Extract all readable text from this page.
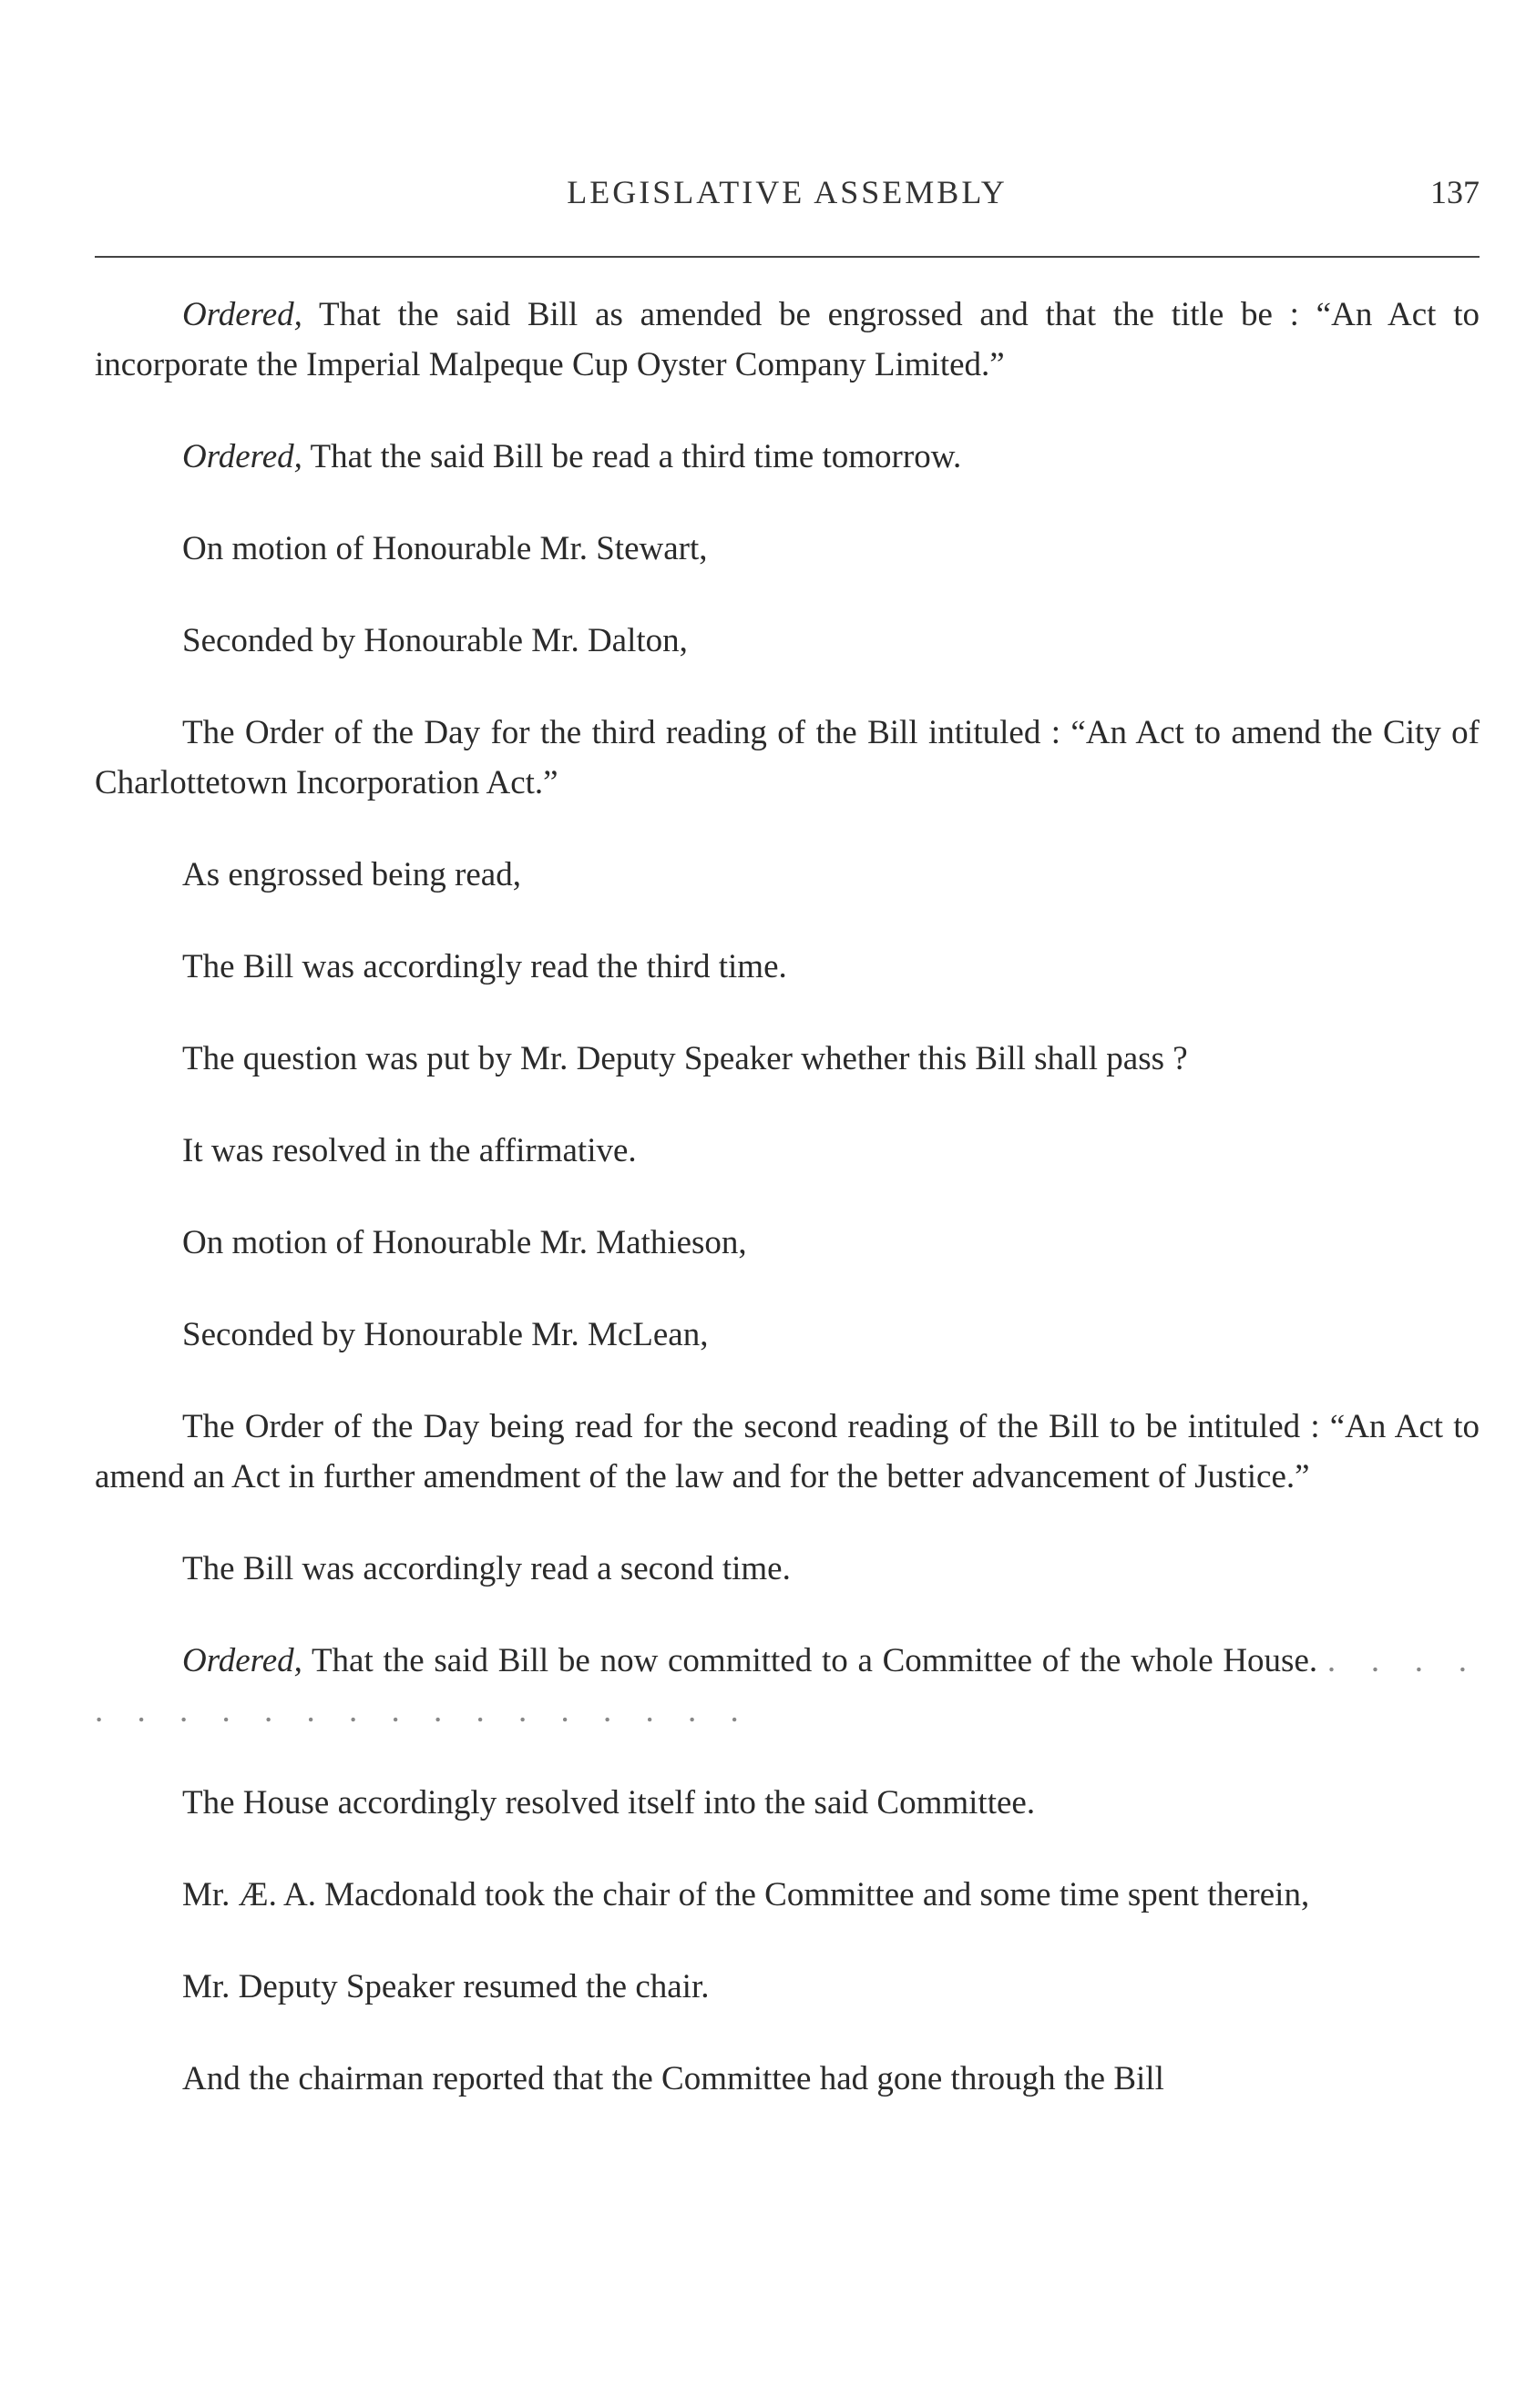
LEGISLATIVE ASSEMBLY	137

Ordered, That the said Bill as amended be engrossed and that the title be : “An Act to incorporate the Imperial Malpeque Cup Oyster Company Limited.”

Ordered, That the said Bill be read a third time tomorrow.

On motion of Honourable Mr. Stewart,

Seconded by Honourable Mr. Dalton,

The Order of the Day for the third reading of the Bill intituled : “An Act to amend the City of Charlottetown Incorporation Act.”

As engrossed being read,

The Bill was accordingly read the third time.

The question was put by Mr. Deputy Speaker whether this Bill shall pass ?

It was resolved in the affirmative.

On motion of Honourable Mr. Mathieson,

Seconded by Honourable Mr. McLean,

The Order of the Day being read for the second reading of the Bill to be intituled : “An Act to amend an Act in further amendment of the law and for the better advancement of Justice.”

The Bill was accordingly read a second time.

Ordered, That the said Bill be now committed to a Committee of the whole House. . . . . . . . . . . . . . . . . . . . .

The House accordingly resolved itself into the said Committee.

Mr. Æ. A. Macdonald took the chair of the Committee and some time spent therein,

Mr. Deputy Speaker resumed the chair.

And the chairman reported that the Committee had gone through the Bill
